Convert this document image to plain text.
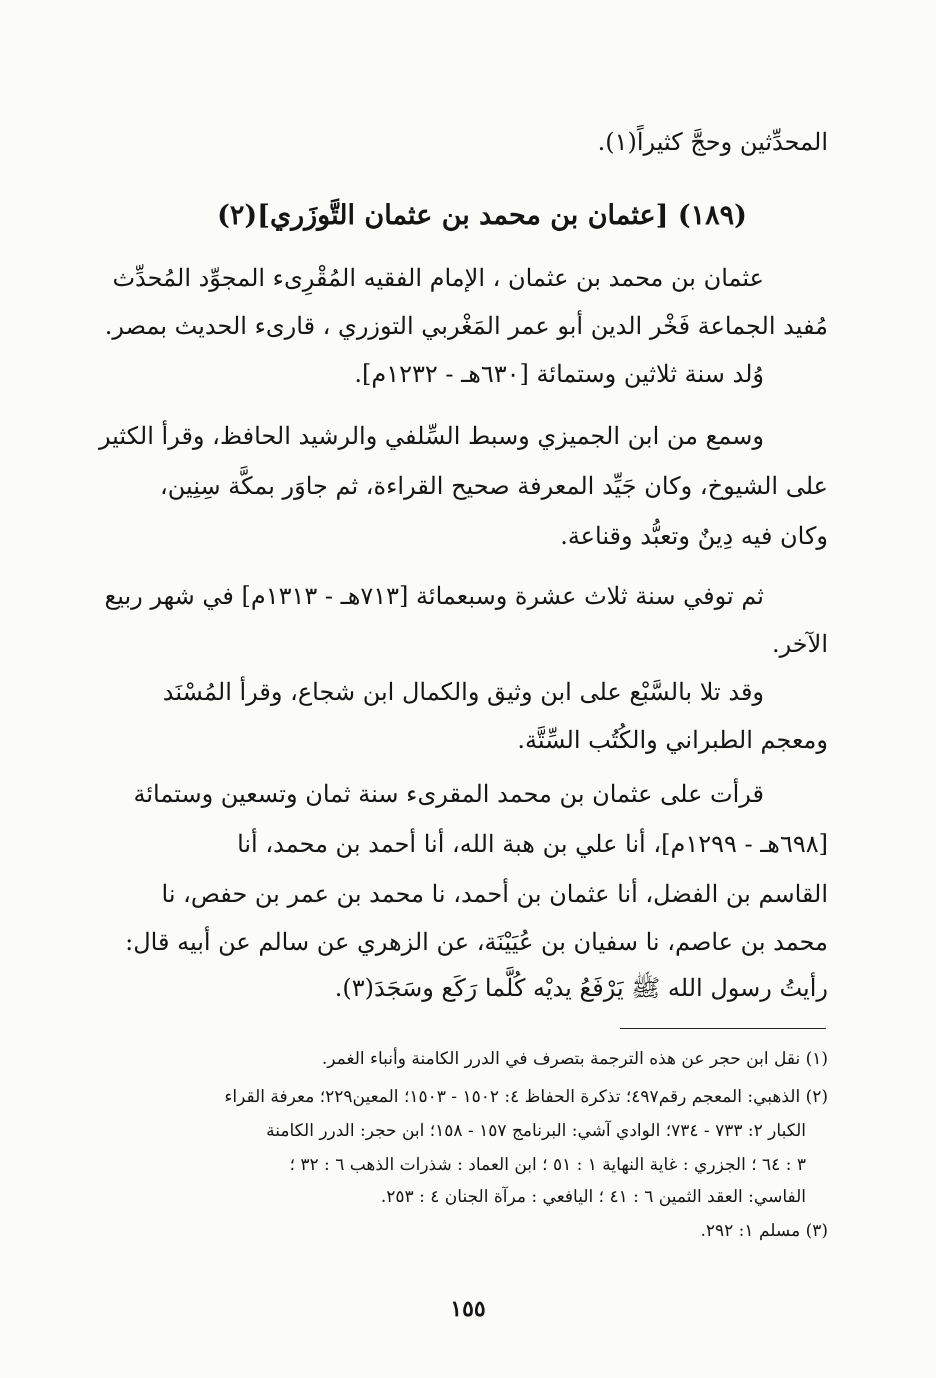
المحدِّثين وحجَّ كثيراً(١).
(١٨٩) [عثمان بن محمد بن عثمان التَّوزَري](٢)
عثمان بن محمد بن عثمان ، الإمام الفقيه المُقْرِىء المجوِّد المُحدِّث
مُفيد الجماعة فَخْر الدين أبو عمر المَغْربي التوزري ، قارىء الحديث بمصر.
وُلد سنة ثلاثين وستمائة [٦٣٠هـ - ١٢٣٢م].
وسمع من ابن الجميزي وسبط السِّلفي والرشيد الحافظ، وقرأ الكثير
على الشيوخ، وكان جَيِّد المعرفة صحيح القراءة، ثم جاوَر بمكَّة سِنِين،
وكان فيه دِينٌ وتعبُّد وقناعة.
ثم توفي سنة ثلاث عشرة وسبعمائة [٧١٣هـ - ١٣١٣م] في شهر ربيع
الآخر.
وقد تلا بالسَّبْع على ابن وثيق والكمال ابن شجاع، وقرأ المُسْنَد
ومعجم الطبراني والكُتُب السِّتَّة.
قرأت على عثمان بن محمد المقرىء سنة ثمان وتسعين وستمائة
[٦٩٨هـ - ١٢٩٩م]، أنا علي بن هبة الله، أنا أحمد بن محمد، أنا
القاسم بن الفضل، أنا عثمان بن أحمد، نا محمد بن عمر بن حفص، نا
محمد بن عاصم، نا سفيان بن عُيَيْنَة، عن الزهري عن سالم عن أبيه قال:
رأيتُ رسول الله ﷺ يَرْفَعُ يديْه كُلَّما رَكَع وسَجَدَ(٣).
(١) نقل ابن حجر عن هذه الترجمة بتصرف في الدرر الكامنة وأنباء الغمر.
(٢) الذهبي: المعجم رقم٤٩٧؛ تذكرة الحفاظ ٤: ١٥٠٢ - ١٥٠٣؛ المعين٢٢٩؛ معرفة القراء
الكبار ٢: ٧٣٣ - ٧٣٤؛ الوادي آشي: البرنامج ١٥٧ - ١٥٨؛ ابن حجر: الدرر الكامنة
٣ : ٦٤ ؛ الجزري : غاية النهاية ١ : ٥١ ؛ ابن العماد : شذرات الذهب ٦ : ٣٢ ؛
الفاسي: العقد الثمين ٦ : ٤١ ؛ اليافعي : مرآة الجنان ٤ : ٢٥٣.
(٣) مسلم ١: ٢٩٢.
١٥٥
